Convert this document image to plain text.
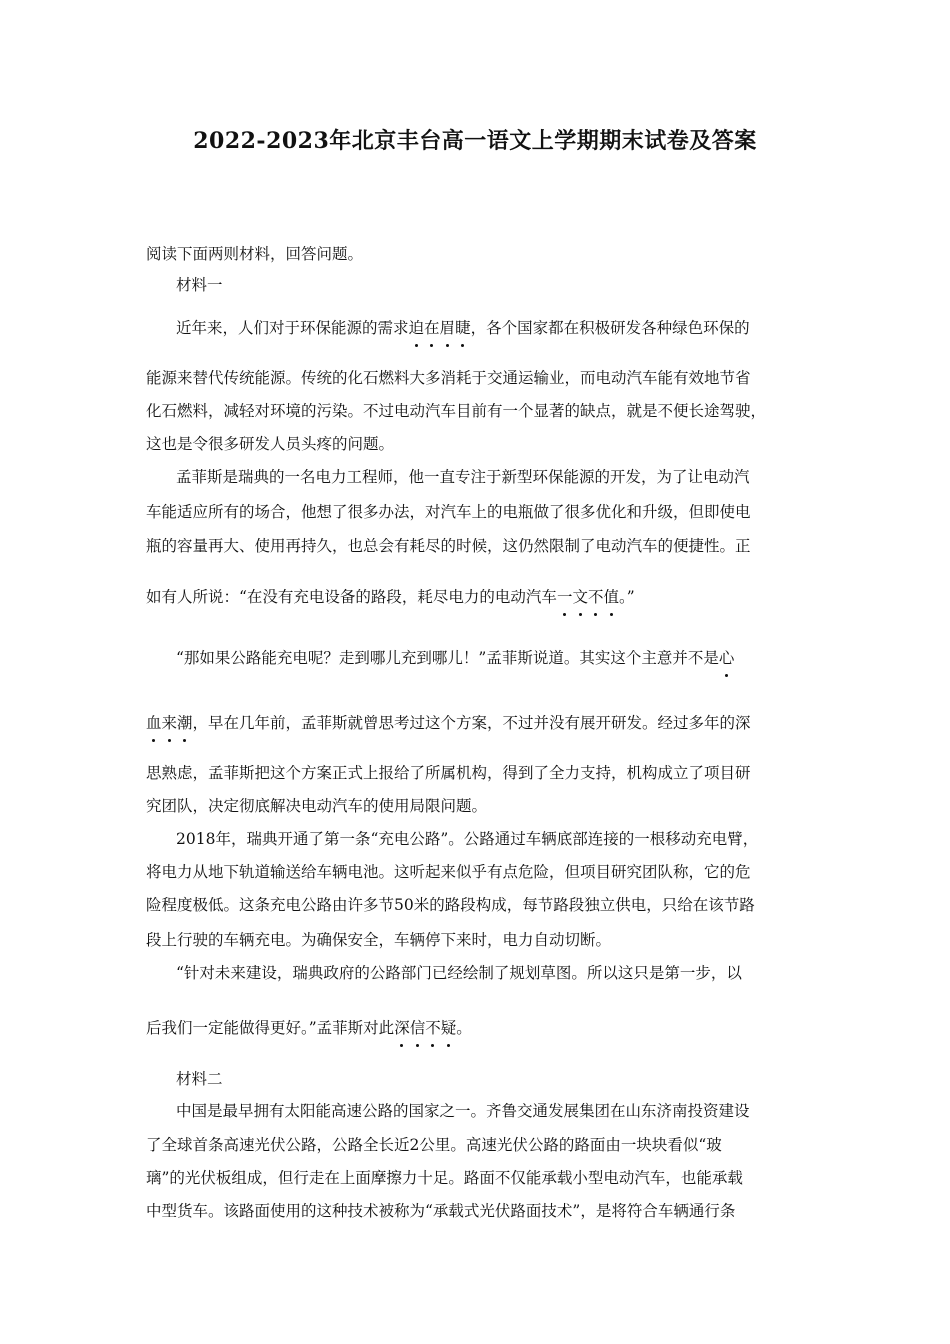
2022-2023年北京丰台高一语文上学期期末试卷及答案
阅读下面两则材料，回答问题。
材料一
近年来，人们对于环保能源的需求迫在眉睫，各个国家都在积极研发各种绿色环保的
能源来替代传统能源。传统的化石燃料大多消耗于交通运输业，而电动汽车能有效地节省
化石燃料，减轻对环境的污染。不过电动汽车目前有一个显著的缺点，就是不便长途驾驶，
这也是令很多研发人员头疼的问题。
孟菲斯是瑞典的一名电力工程师，他一直专注于新型环保能源的开发，为了让电动汽
车能适应所有的场合，他想了很多办法，对汽车上的电瓶做了很多优化和升级，但即使电
瓶的容量再大、使用再持久，也总会有耗尽的时候，这仍然限制了电动汽车的便捷性。正
如有人所说：“在没有充电设备的路段，耗尽电力的电动汽车一文不值。”
“那如果公路能充电呢？走到哪儿充到哪儿！”孟菲斯说道。其实这个主意并不是心
血来潮，早在几年前，孟菲斯就曾思考过这个方案，不过并没有展开研发。经过多年的深
思熟虑，孟菲斯把这个方案正式上报给了所属机构，得到了全力支持，机构成立了项目研
究团队，决定彻底解决电动汽车的使用局限问题。
2018年，瑞典开通了第一条“充电公路”。公路通过车辆底部连接的一根移动充电臂，
将电力从地下轨道输送给车辆电池。这听起来似乎有点危险，但项目研究团队称，它的危
险程度极低。这条充电公路由许多节50米的路段构成，每节路段独立供电，只给在该节路
段上行驶的车辆充电。为确保安全，车辆停下来时，电力自动切断。
“针对未来建设，瑞典政府的公路部门已经绘制了规划草图。所以这只是第一步，以
后我们一定能做得更好。”孟菲斯对此深信不疑。
材料二
中国是最早拥有太阳能高速公路的国家之一。齐鲁交通发展集团在山东济南投资建设
了全球首条高速光伏公路，公路全长近2公里。高速光伏公路的路面由一块块看似“玻
璃”的光伏板组成，但行走在上面摩擦力十足。路面不仅能承载小型电动汽车，也能承载
中型货车。该路面使用的这种技术被称为“承载式光伏路面技术”，是将符合车辆通行条
